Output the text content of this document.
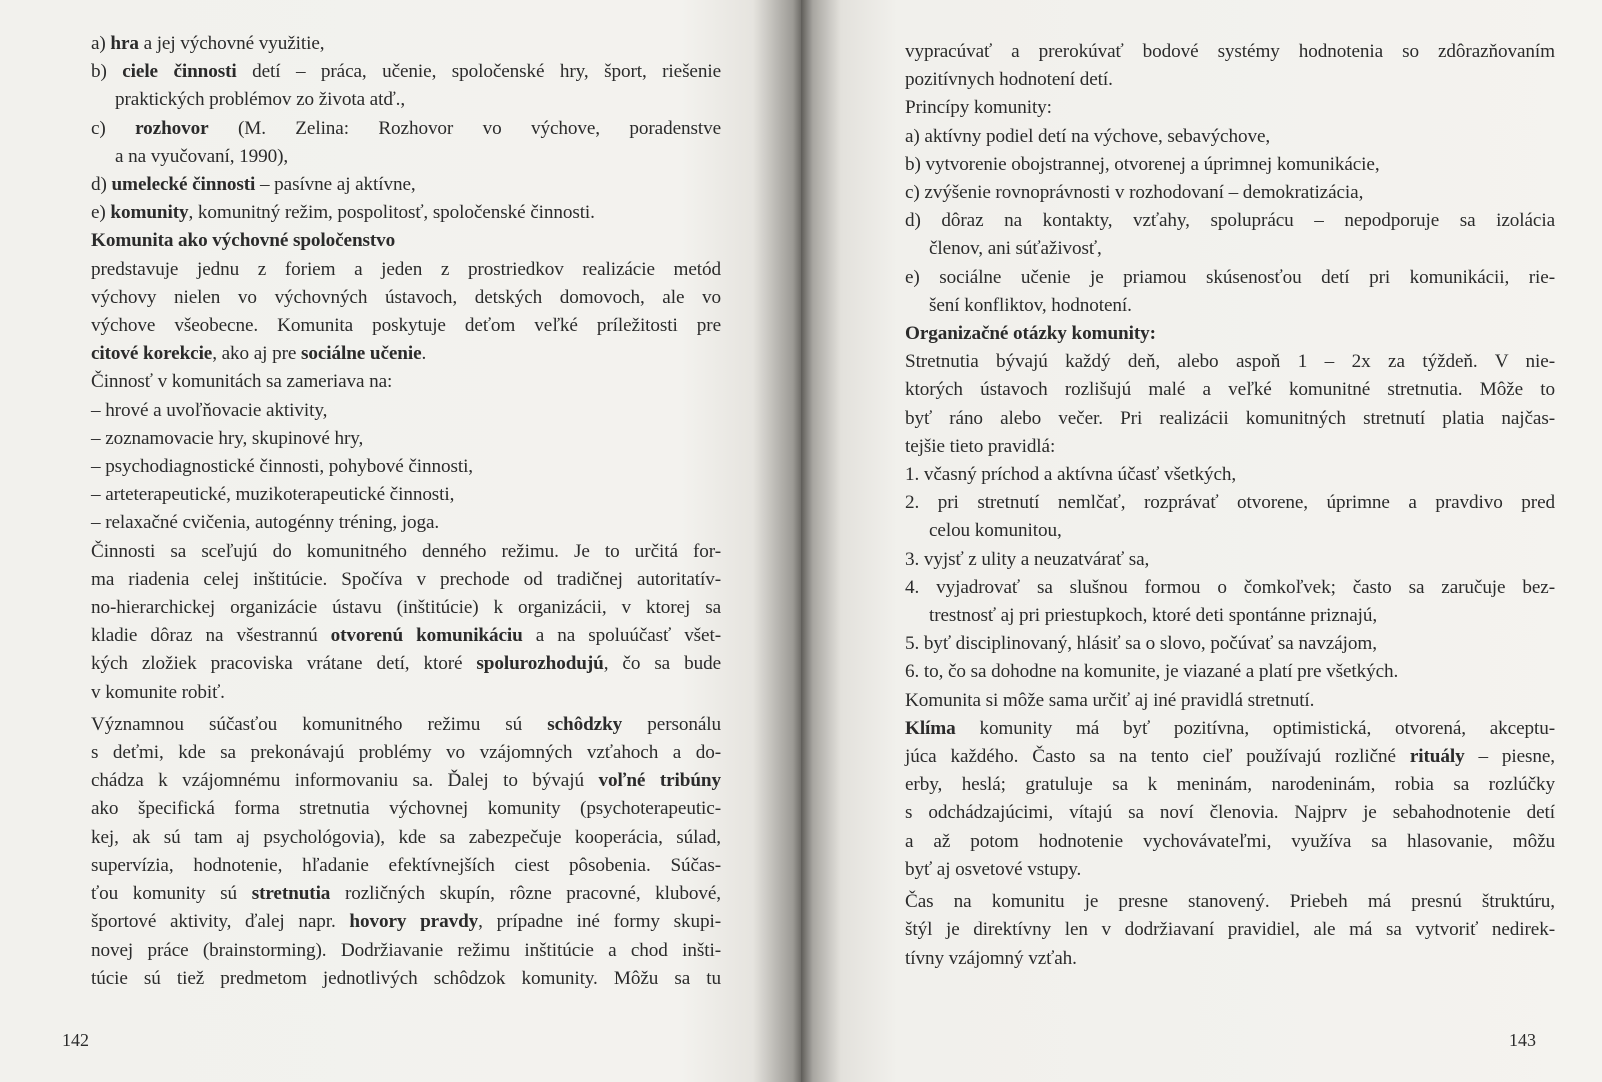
a) hra a jej výchovné využitie,
b) ciele činnosti detí – práca, učenie, spoločenské hry, šport, riešenie
praktických problémov zo života atď.,
c) rozhovor (M. Zelina: Rozhovor vo výchove, poradenstve
a na vyučovaní, 1990),
d) umelecké činnosti – pasívne aj aktívne,
e) komunity, komunitný režim, pospolitosť, spoločenské činnosti.
Komunita ako výchovné spoločenstvo
predstavuje jednu z foriem a jeden z prostriedkov realizácie metód
výchovy nielen vo výchovných ústavoch, detských domovoch, ale vo
výchove všeobecne. Komunita poskytuje deťom veľké príležitosti pre
citové korekcie, ako aj pre sociálne učenie.
Činnosť v komunitách sa zameriava na:
– hrové a uvoľňovacie aktivity,
– zoznamovacie hry, skupinové hry,
– psychodiagnostické činnosti, pohybové činnosti,
– arteterapeutické, muzikoterapeutické činnosti,
– relaxačné cvičenia, autogénny tréning, joga.
Činnosti sa sceľujú do komunitného denného režimu. Je to určitá for-
ma riadenia celej inštitúcie. Spočíva v prechode od tradičnej autoritatív-
no-hierarchickej organizácie ústavu (inštitúcie) k organizácii, v ktorej sa
kladie dôraz na všestrannú otvorenú komunikáciu a na spoluúčasť všet-
kých zložiek pracoviska vrátane detí, ktoré spolurozhodujú, čo sa bude
v komunite robiť.
Významnou súčasťou komunitného režimu sú schôdzky personálu
s deťmi, kde sa prekonávajú problémy vo vzájomných vzťahoch a do-
chádza k vzájomnému informovaniu sa. Ďalej to bývajú voľné tribúny
ako špecifická forma stretnutia výchovnej komunity (psychoterapeutic-
kej, ak sú tam aj psychológovia), kde sa zabezpečuje kooperácia, súlad,
supervízia, hodnotenie, hľadanie efektívnejších ciest pôsobenia. Súčas-
ťou komunity sú stretnutia rozličných skupín, rôzne pracovné, klubové,
športové aktivity, ďalej napr. hovory pravdy, prípadne iné formy skupi-
novej práce (brainstorming). Dodržiavanie režimu inštitúcie a chod inšti-
túcie sú tiež predmetom jednotlivých schôdzok komunity. Môžu sa tu
142
vypracúvať a prerokúvať bodové systémy hodnotenia so zdôrazňovaním
pozitívnych hodnotení detí.
Princípy komunity:
a) aktívny podiel detí na výchove, sebavýchove,
b) vytvorenie obojstrannej, otvorenej a úprimnej komunikácie,
c) zvýšenie rovnoprávnosti v rozhodovaní – demokratizácia,
d) dôraz na kontakty, vzťahy, spoluprácu – nepodporuje sa izolácia
členov, ani súťaživosť,
e) sociálne učenie je priamou skúsenosťou detí pri komunikácii, rie-
šení konfliktov, hodnotení.
Organizačné otázky komunity:
Stretnutia bývajú každý deň, alebo aspoň 1 – 2x za týždeň. V nie-
ktorých ústavoch rozlišujú malé a veľké komunitné stretnutia. Môže to
byť ráno alebo večer. Pri realizácii komunitných stretnutí platia najčas-
tejšie tieto pravidlá:
1. včasný príchod a aktívna účasť všetkých,
2. pri stretnutí nemlčať, rozprávať otvorene, úprimne a pravdivo pred
celou komunitou,
3. vyjsť z ulity a neuzatvárať sa,
4. vyjadrovať sa slušnou formou o čomkoľvek; často sa zaručuje bez-
trestnosť aj pri priestupkoch, ktoré deti spontánne priznajú,
5. byť disciplinovaný, hlásiť sa o slovo, počúvať sa navzájom,
6. to, čo sa dohodne na komunite, je viazané a platí pre všetkých.
Komunita si môže sama určiť aj iné pravidlá stretnutí.
Klíma komunity má byť pozitívna, optimistická, otvorená, akceptu-
júca každého. Často sa na tento cieľ používajú rozličné rituály – piesne,
erby, heslá; gratuluje sa k meninám, narodeninám, robia sa rozlúčky
s odchádzajúcimi, vítajú sa noví členovia. Najprv je sebahodnotenie detí
a až potom hodnotenie vychovávateľmi, využíva sa hlasovanie, môžu
byť aj osvetové vstupy.
Čas na komunitu je presne stanovený. Priebeh má presnú štruktúru,
štýl je direktívny len v dodržiavaní pravidiel, ale má sa vytvoriť nedirek-
tívny vzájomný vzťah.
143
